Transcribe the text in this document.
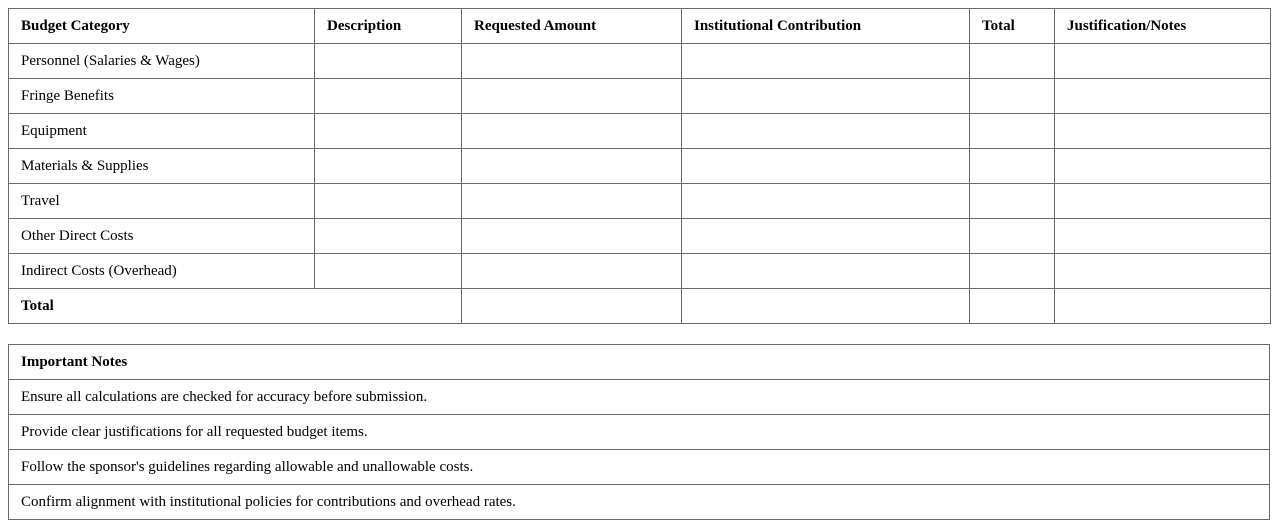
Budget Category	Description	Requested Amount	Institutional Contribution	Total	Justification/Notes
Personnel (Salaries & Wages)					
Fringe Benefits					
Equipment					
Materials & Supplies					
Travel					
Other Direct Costs					
Indirect Costs (Overhead)					
Total					
Important Notes
Ensure all calculations are checked for accuracy before submission.
Provide clear justifications for all requested budget items.
Follow the sponsor's guidelines regarding allowable and unallowable costs.
Confirm alignment with institutional policies for contributions and overhead rates.
